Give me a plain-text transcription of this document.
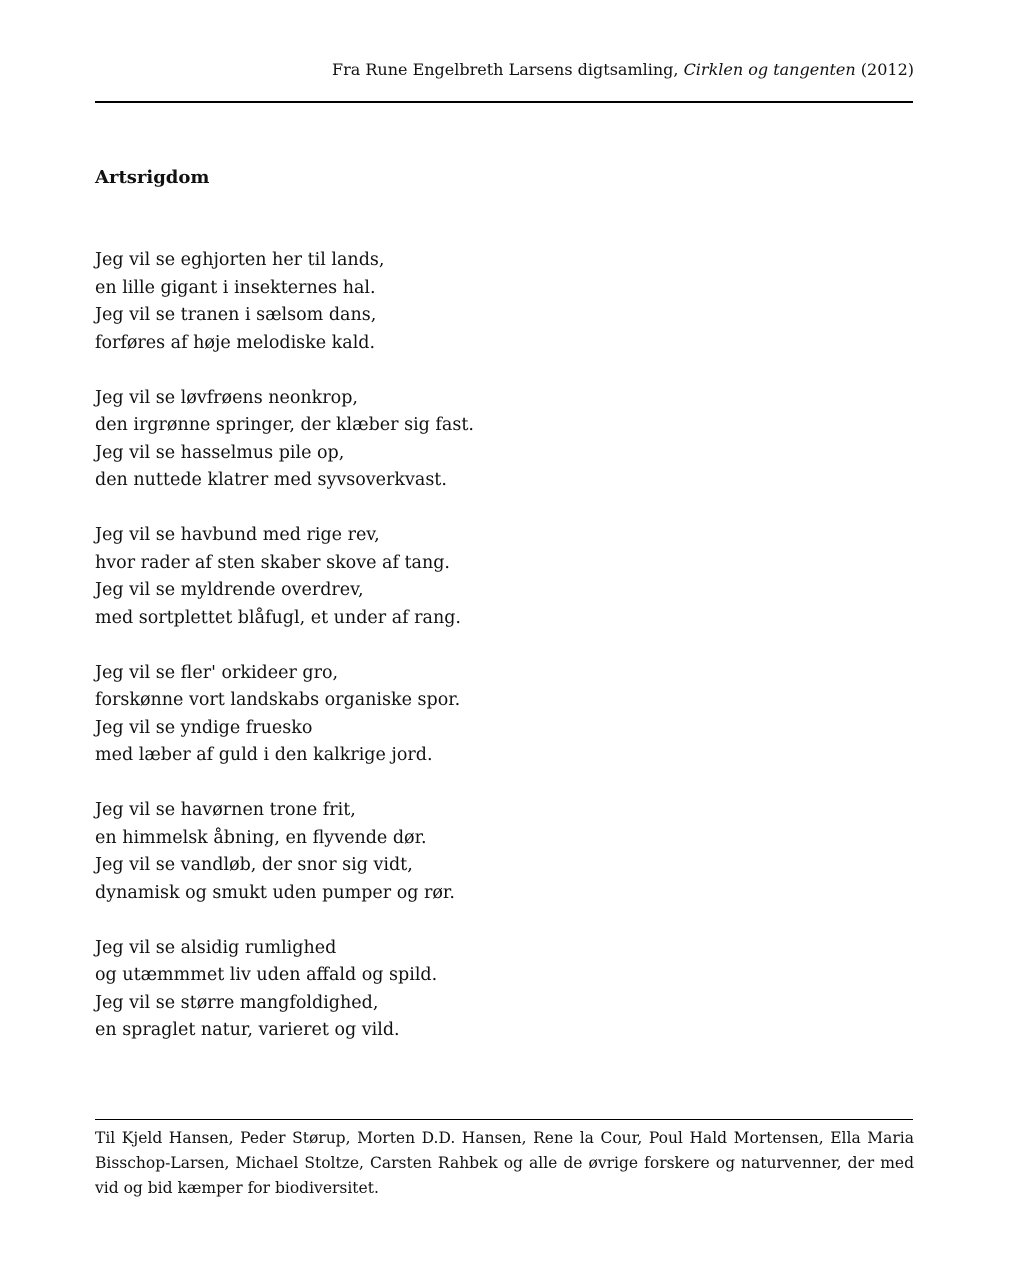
Fra Rune Engelbreth Larsens digtsamling, Cirklen og tangenten (2012)
Artsrigdom
Jeg vil se eghjorten her til lands,
en lille gigant i insekternes hal.
Jeg vil se tranen i sælsom dans,
forføres af høje melodiske kald.
Jeg vil se løvfrøens neonkrop,
den irgrønne springer, der klæber sig fast.
Jeg vil se hasselmus pile op,
den nuttede klatrer med syvsoverkvast.
Jeg vil se havbund med rige rev,
hvor rader af sten skaber skove af tang.
Jeg vil se myldrende overdrev,
med sortplettet blåfugl, et under af rang.
Jeg vil se fler' orkideer gro,
forskønne vort landskabs organiske spor.
Jeg vil se yndige fruesko
med læber af guld i den kalkrige jord.
Jeg vil se havørnen trone frit,
en himmelsk åbning, en flyvende dør.
Jeg vil se vandløb, der snor sig vidt,
dynamisk og smukt uden pumper og rør.
Jeg vil se alsidig rumlighed
og utæmmmet liv uden affald og spild.
Jeg vil se større mangfoldighed,
en spraglet natur, varieret og vild.

Til Kjeld Hansen, Peder Størup, Morten D.D. Hansen, Rene la Cour, Poul Hald Mortensen, Ella Maria Bisschop-Larsen, Michael Stoltze, Carsten Rahbek og alle de øvrige forskere og naturvenner, der med vid og bid kæmper for biodiversitet.
